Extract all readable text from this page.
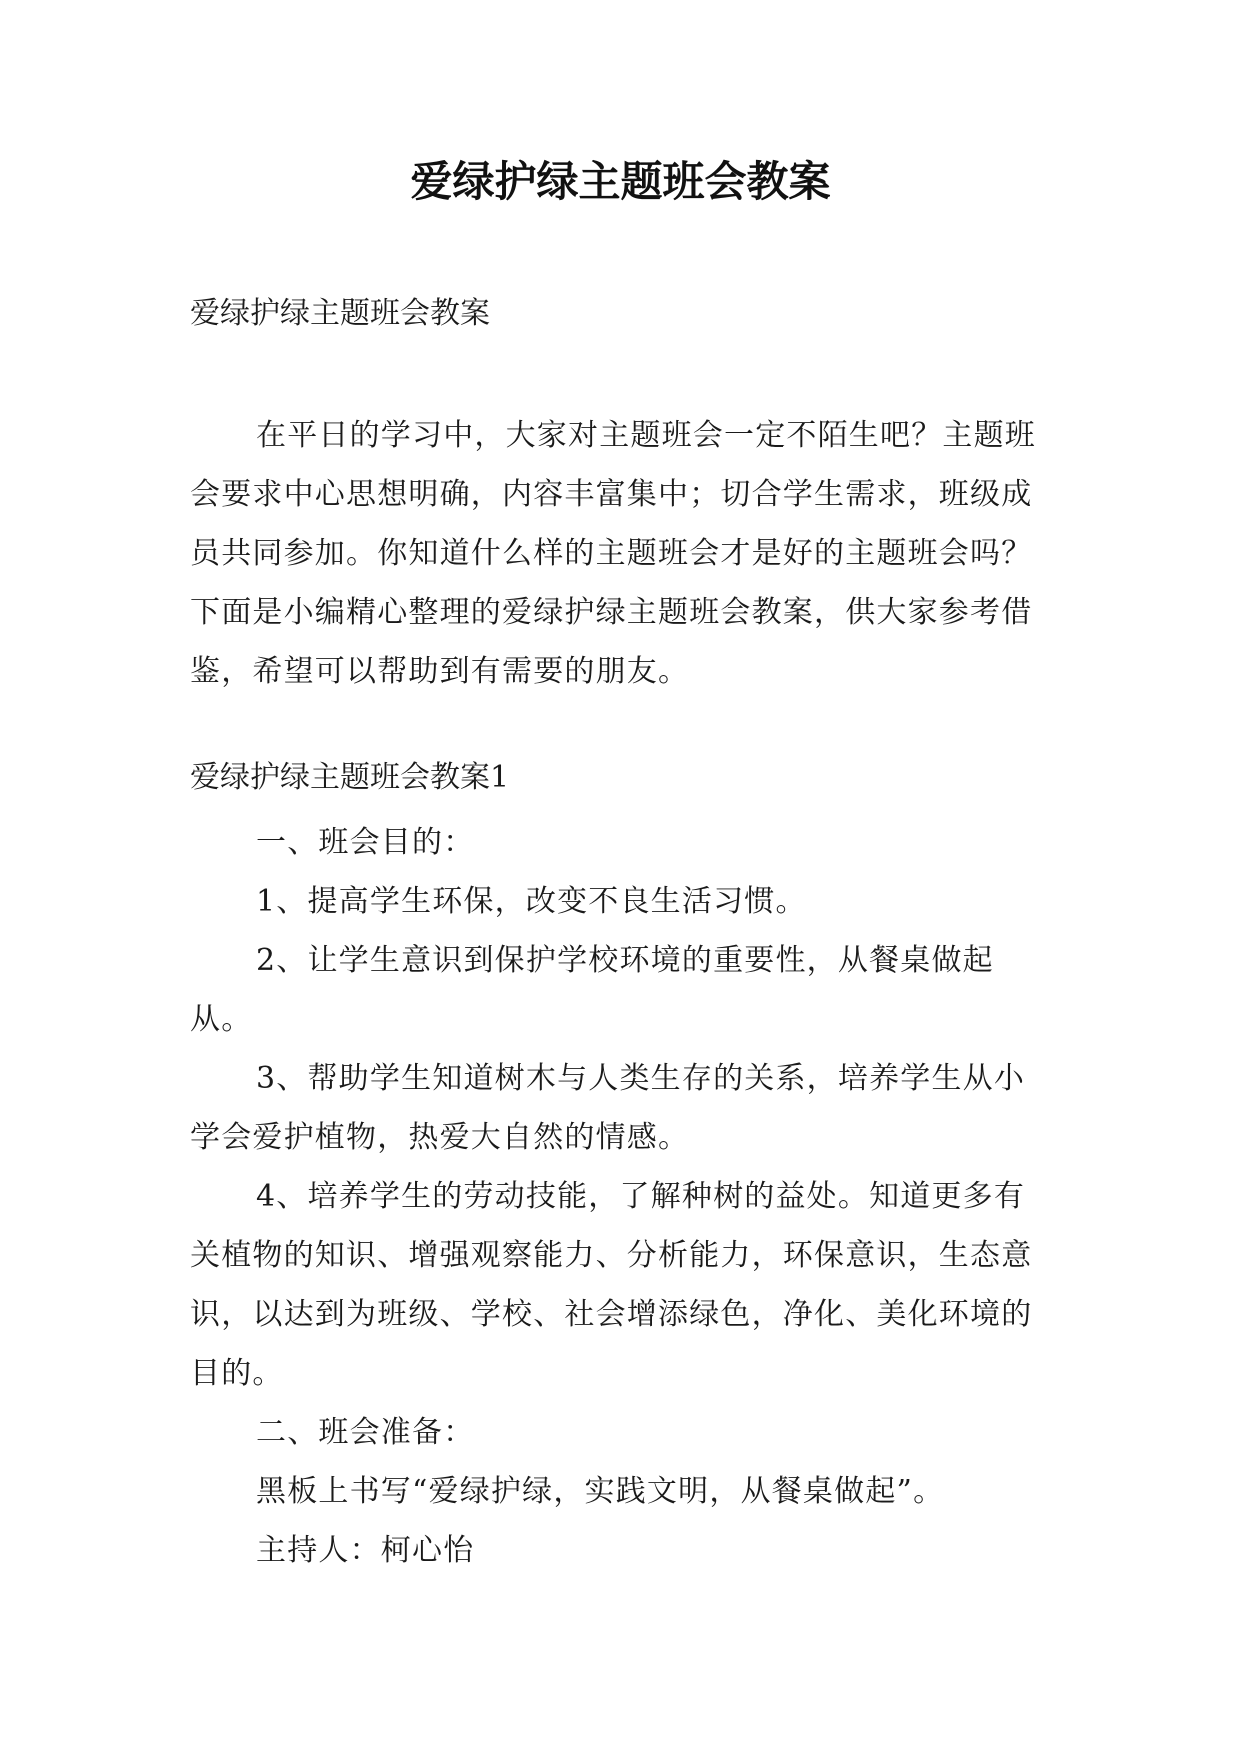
爱绿护绿主题班会教案
爱绿护绿主题班会教案

在平日的学习中，大家对主题班会一定不陌生吧？主题班会要求中心思想明确，内容丰富集中；切合学生需求，班级成员共同参加。你知道什么样的主题班会才是好的主题班会吗？下面是小编精心整理的爱绿护绿主题班会教案，供大家参考借鉴，希望可以帮助到有需要的朋友。

爱绿护绿主题班会教案1

一、班会目的：

1、提高学生环保，改变不良生活习惯。

2、让学生意识到保护学校环境的重要性，从餐桌做起从。

3、帮助学生知道树木与人类生存的关系，培养学生从小学会爱护植物，热爱大自然的情感。

4、培养学生的劳动技能，了解种树的益处。知道更多有关植物的知识、增强观察能力、分析能力，环保意识，生态意识，以达到为班级、学校、社会增添绿色，净化、美化环境的目的。

二、班会准备：

黑板上书写“爱绿护绿，实践文明，从餐桌做起”。

主持人：柯心怡
